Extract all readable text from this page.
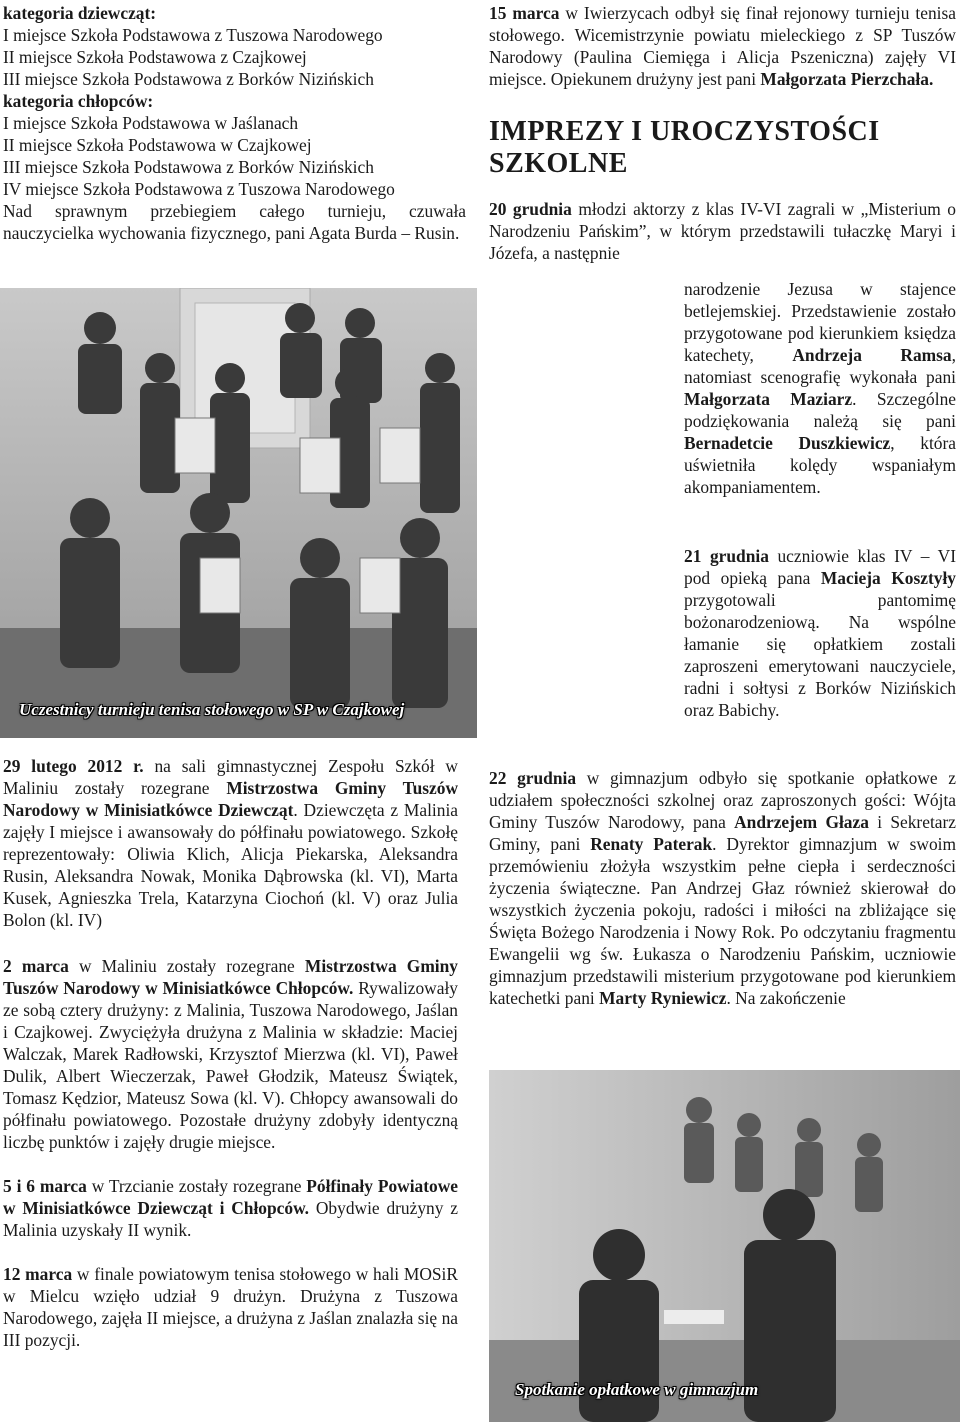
kategoria dziewcząt:

I miejsce Szkoła Podstawowa z Tuszowa Narodowego

II miejsce Szkoła Podstawowa z Czajkowej

III miejsce Szkoła Podstawowa z Borków Nizińskich

kategoria chłopców:

I miejsce Szkoła Podstawowa w Jaślanach

II miejsce Szkoła Podstawowa w Czajkowej

III miejsce Szkoła Podstawowa z Borków Nizińskich

IV miejsce Szkoła Podstawowa z Tuszowa Narodowego

Nad sprawnym przebiegiem całego turnieju, czuwała nauczycielka wychowania fizycznego, pani Agata Burda – Rusin.

Uczestnicy turnieju tenisa stołowego w SP w Czajkowej

29 lutego 2012 r. na sali gimnastycznej Zespołu Szkół w Maliniu zostały rozegrane Mistrzostwa Gminy Tuszów Narodowy w Minisiatkówce Dziewcząt. Dziewczęta z Malinia zajęły I miejsce i awansowały do półfinału powiatowego. Szkołę reprezentowały: Oliwia Klich, Alicja Piekarska, Aleksandra Rusin, Aleksandra Nowak, Monika Dąbrowska (kl. VI), Marta Kusek, Agnieszka Trela, Katarzyna Ciochoń (kl. V) oraz Julia Bolon (kl. IV)

2 marca w Maliniu zostały rozegrane Mistrzostwa Gminy Tuszów Narodowy w Minisiatkówce Chłopców. Rywalizowały ze sobą cztery drużyny: z Malinia, Tuszowa Narodowego, Jaślan i Czajkowej. Zwyciężyła drużyna z Malinia w składzie: Maciej Walczak, Marek Radłowski, Krzysztof Mierzwa (kl. VI), Paweł Dulik, Albert Wieczerzak, Paweł Głodzik, Mateusz Świątek, Tomasz Kędzior, Mateusz Sowa (kl. V). Chłopcy awansowali do półfinału powiatowego. Pozostałe drużyny zdobyły identyczną liczbę punktów i zajęły drugie miejsce.

5 i 6 marca w Trzcianie zostały rozegrane Półfinały Powiatowe w Minisiatkówce Dziewcząt i Chłopców. Obydwie drużyny z Malinia uzyskały II wynik.

12 marca w finale powiatowym tenisa stołowego w hali MOSiR w Mielcu wzięło udział 9 drużyn. Drużyna z Tuszowa Narodowego, zajęła II miejsce, a drużyna z Jaślan znalazła się na III pozycji.

15 marca w Iwierzycach odbył się finał rejonowy turnieju tenisa stołowego. Wicemistrzynie powiatu mieleckiego z SP Tuszów Narodowy (Paulina Ciemięga i Alicja Pszeniczna) zajęły VI miejsce. Opiekunem drużyny jest pani Małgorzata Pierzchała.

IMPREZY I UROCZYSTOŚCI

SZKOLNE

20 grudnia młodzi aktorzy z klas IV-VI zagrali w „Misterium o Narodzeniu Pańskim”, w którym przedstawili tułaczkę Maryi i Józefa, a następnie

narodzenie Jezusa w stajence betlejemskiej. Przedstawienie zostało przygotowane pod kierunkiem księdza katechety, Andrzeja Ramsa, natomiast scenografię wykonała pani Małgorzata Maziarz. Szczególne podziękowania należą się pani Bernadetcie Duszkiewicz, która uświetniła kolędy wspaniałym akompaniamentem.

21 grudnia uczniowie klas IV – VI pod opieką pana Macieja Kosztyły przygotowali pantomimę bożonarodzeniową. Na wspólne łamanie się opłatkiem zostali zaproszeni emerytowani nauczyciele, radni i sołtysi z Borków Nizińskich oraz Babichy.

22 grudnia w gimnazjum odbyło się spotkanie opłatkowe z udziałem społeczności szkolnej oraz zaproszonych gości: Wójta Gminy Tuszów Narodowy, pana Andrzejem Głaza i Sekretarz Gminy, pani Renaty Paterak. Dyrektor gimnazjum w swoim przemówieniu złożyła wszystkim pełne ciepła i serdeczności życzenia świąteczne. Pan Andrzej Głaz również skierował do wszystkich życzenia pokoju, radości i miłości na zbliżające się Święta Bożego Narodzenia i Nowy Rok. Po odczytaniu fragmentu Ewangelii wg św. Łukasza o Narodzeniu Pańskim, uczniowie gimnazjum przedstawili misterium przygotowane pod kierunkiem katechetki pani Marty Ryniewicz. Na zakończenie

Spotkanie opłatkowe w gimnazjum
